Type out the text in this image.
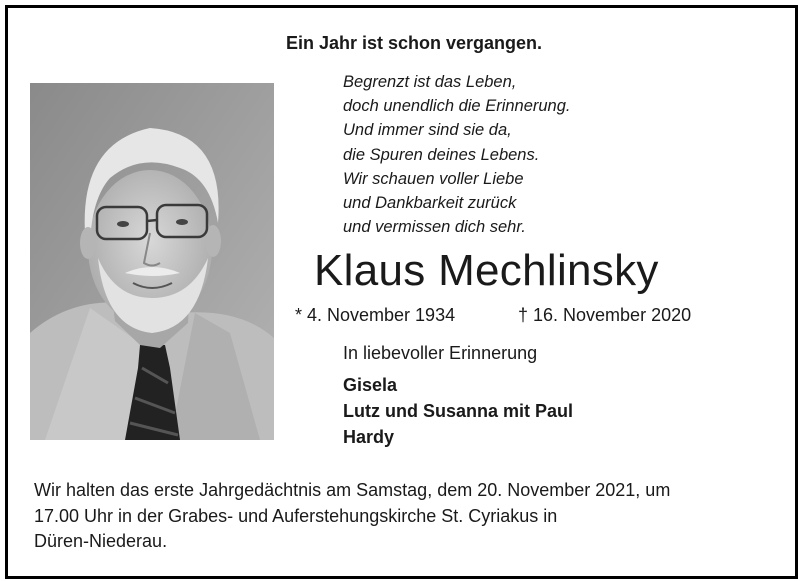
Ein Jahr ist schon vergangen.
Begrenzt ist das Leben,
doch unendlich die Erinnerung.
Und immer sind sie da,
die Spuren deines Lebens.
Wir schauen voller Liebe
und Dankbarkeit zurück
und vermissen dich sehr.
Klaus Mechlinsky
* 4. November 1934	† 16. November 2020
In liebevoller Erinnerung
Gisela
Lutz und Susanna mit Paul
Hardy
Wir halten das erste Jahrgedächtnis am Samstag, dem 20. November 2021, um
17.00 Uhr in der Grabes- und Auferstehungskirche St. Cyriakus in
Düren-Niederau.
